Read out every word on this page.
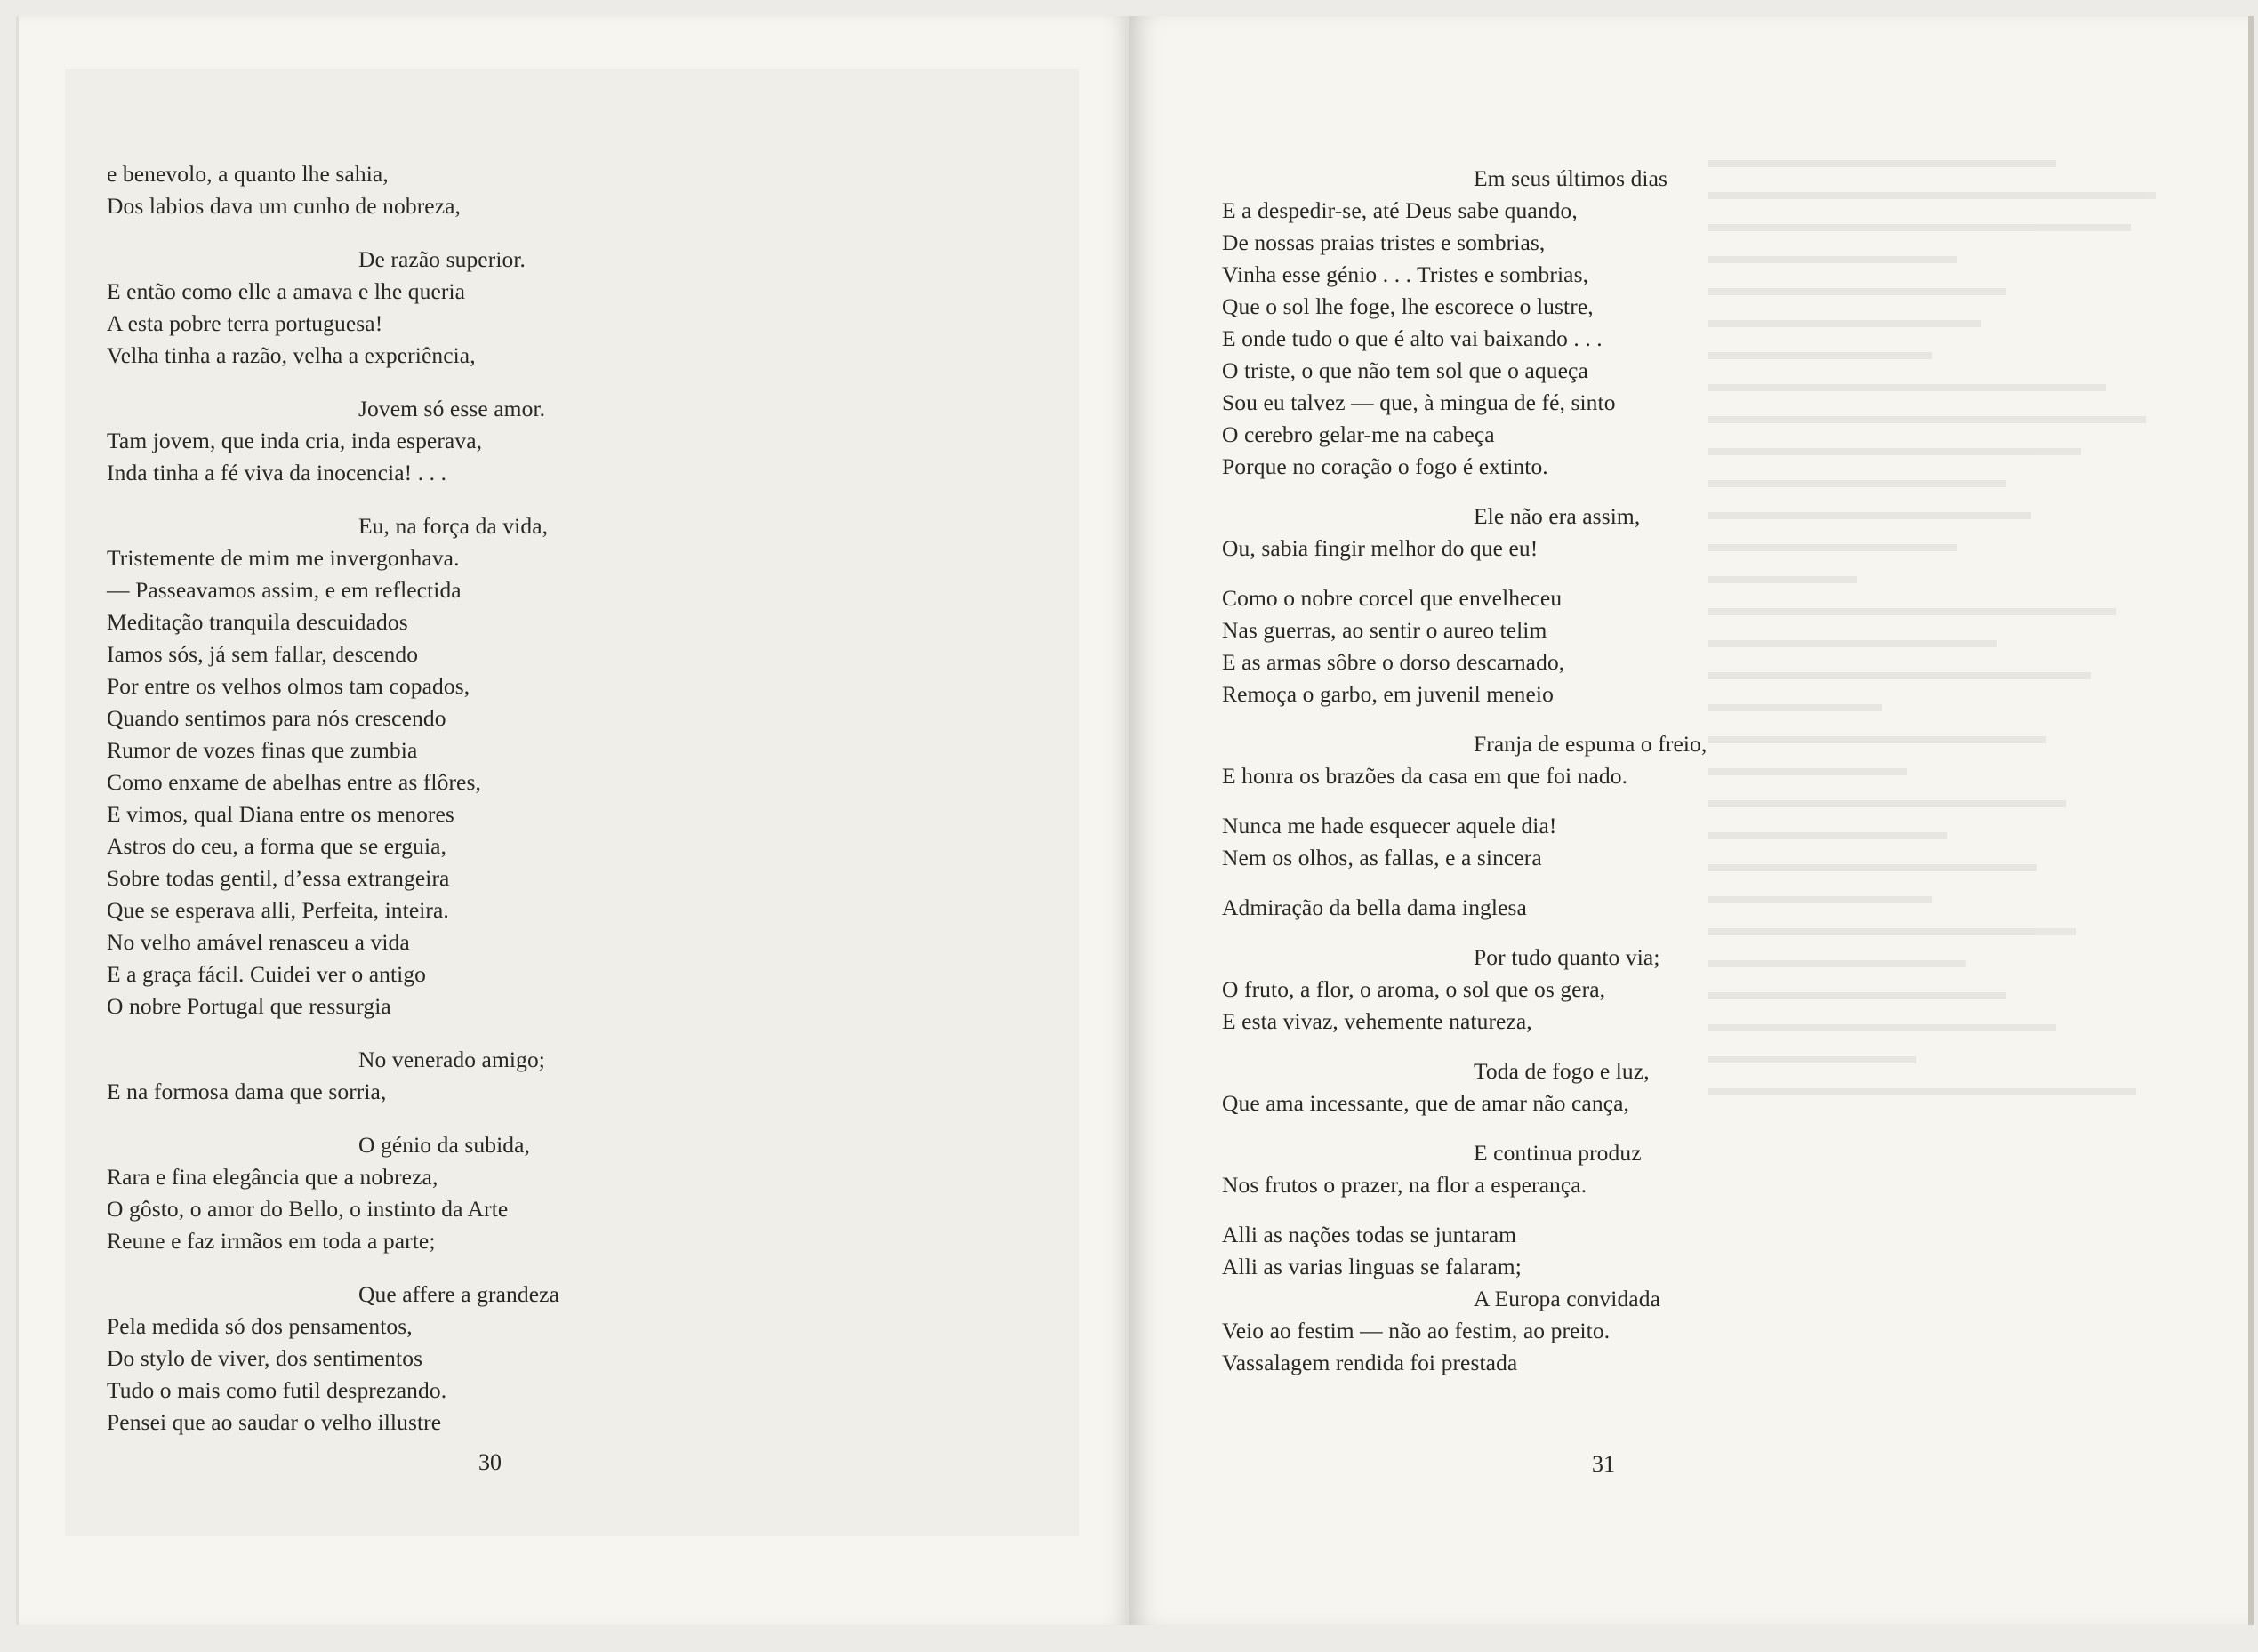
e benevolo, a quanto lhe sahia,
Dos labios dava um cunho de nobreza,
De razão superior.
E então como elle a amava e lhe queria
A esta pobre terra portuguesa!
Velha tinha a razão, velha a experiência,
Jovem só esse amor.
Tam jovem, que inda cria, inda esperava,
Inda tinha a fé viva da inocencia! . . .
Eu, na força da vida,
Tristemente de mim me invergonhava.
— Passeavamos assim, e em reflectida
Meditação tranquila descuidados
Iamos sós, já sem fallar, descendo
Por entre os velhos olmos tam copados,
Quando sentimos para nós crescendo
Rumor de vozes finas que zumbia
Como enxame de abelhas entre as flôres,
E vimos, qual Diana entre os menores
Astros do ceu, a forma que se erguia,
Sobre todas gentil, d’essa extrangeira
Que se esperava alli, Perfeita, inteira.
No velho amável renasceu a vida
E a graça fácil. Cuidei ver o antigo
O nobre Portugal que ressurgia
No venerado amigo;
E na formosa dama que sorria,
O génio da subida,
Rara e fina elegância que a nobreza,
O gôsto, o amor do Bello, o instinto da Arte
Reune e faz irmãos em toda a parte;
Que affere a grandeza
Pela medida só dos pensamentos,
Do stylo de viver, dos sentimentos
Tudo o mais como futil desprezando.
Pensei que ao saudar o velho illustre
Em seus últimos dias
E a despedir-se, até Deus sabe quando,
De nossas praias tristes e sombrias,
Vinha esse génio . . . Tristes e sombrias,
Que o sol lhe foge, lhe escorece o lustre,
E onde tudo o que é alto vai baixando . . .
O triste, o que não tem sol que o aqueça
Sou eu talvez — que, à mingua de fé, sinto
O cerebro gelar-me na cabeça
Porque no coração o fogo é extinto.
Ele não era assim,
Ou, sabia fingir melhor do que eu!
Como o nobre corcel que envelheceu
Nas guerras, ao sentir o aureo telim
E as armas sôbre o dorso descarnado,
Remoça o garbo, em juvenil meneio
Franja de espuma o freio,
E honra os brazões da casa em que foi nado.
Nunca me hade esquecer aquele dia!
Nem os olhos, as fallas, e a sincera
Admiração da bella dama inglesa
Por tudo quanto via;
O fruto, a flor, o aroma, o sol que os gera,
E esta vivaz, vehemente natureza,
Toda de fogo e luz,
Que ama incessante, que de amar não cança,
E continua produz
Nos frutos o prazer, na flor a esperança.
Alli as nações todas se juntaram
Alli as varias linguas se falaram;
A Europa convidada
Veio ao festim — não ao festim, ao preito.
Vassalagem rendida foi prestada
30	31
